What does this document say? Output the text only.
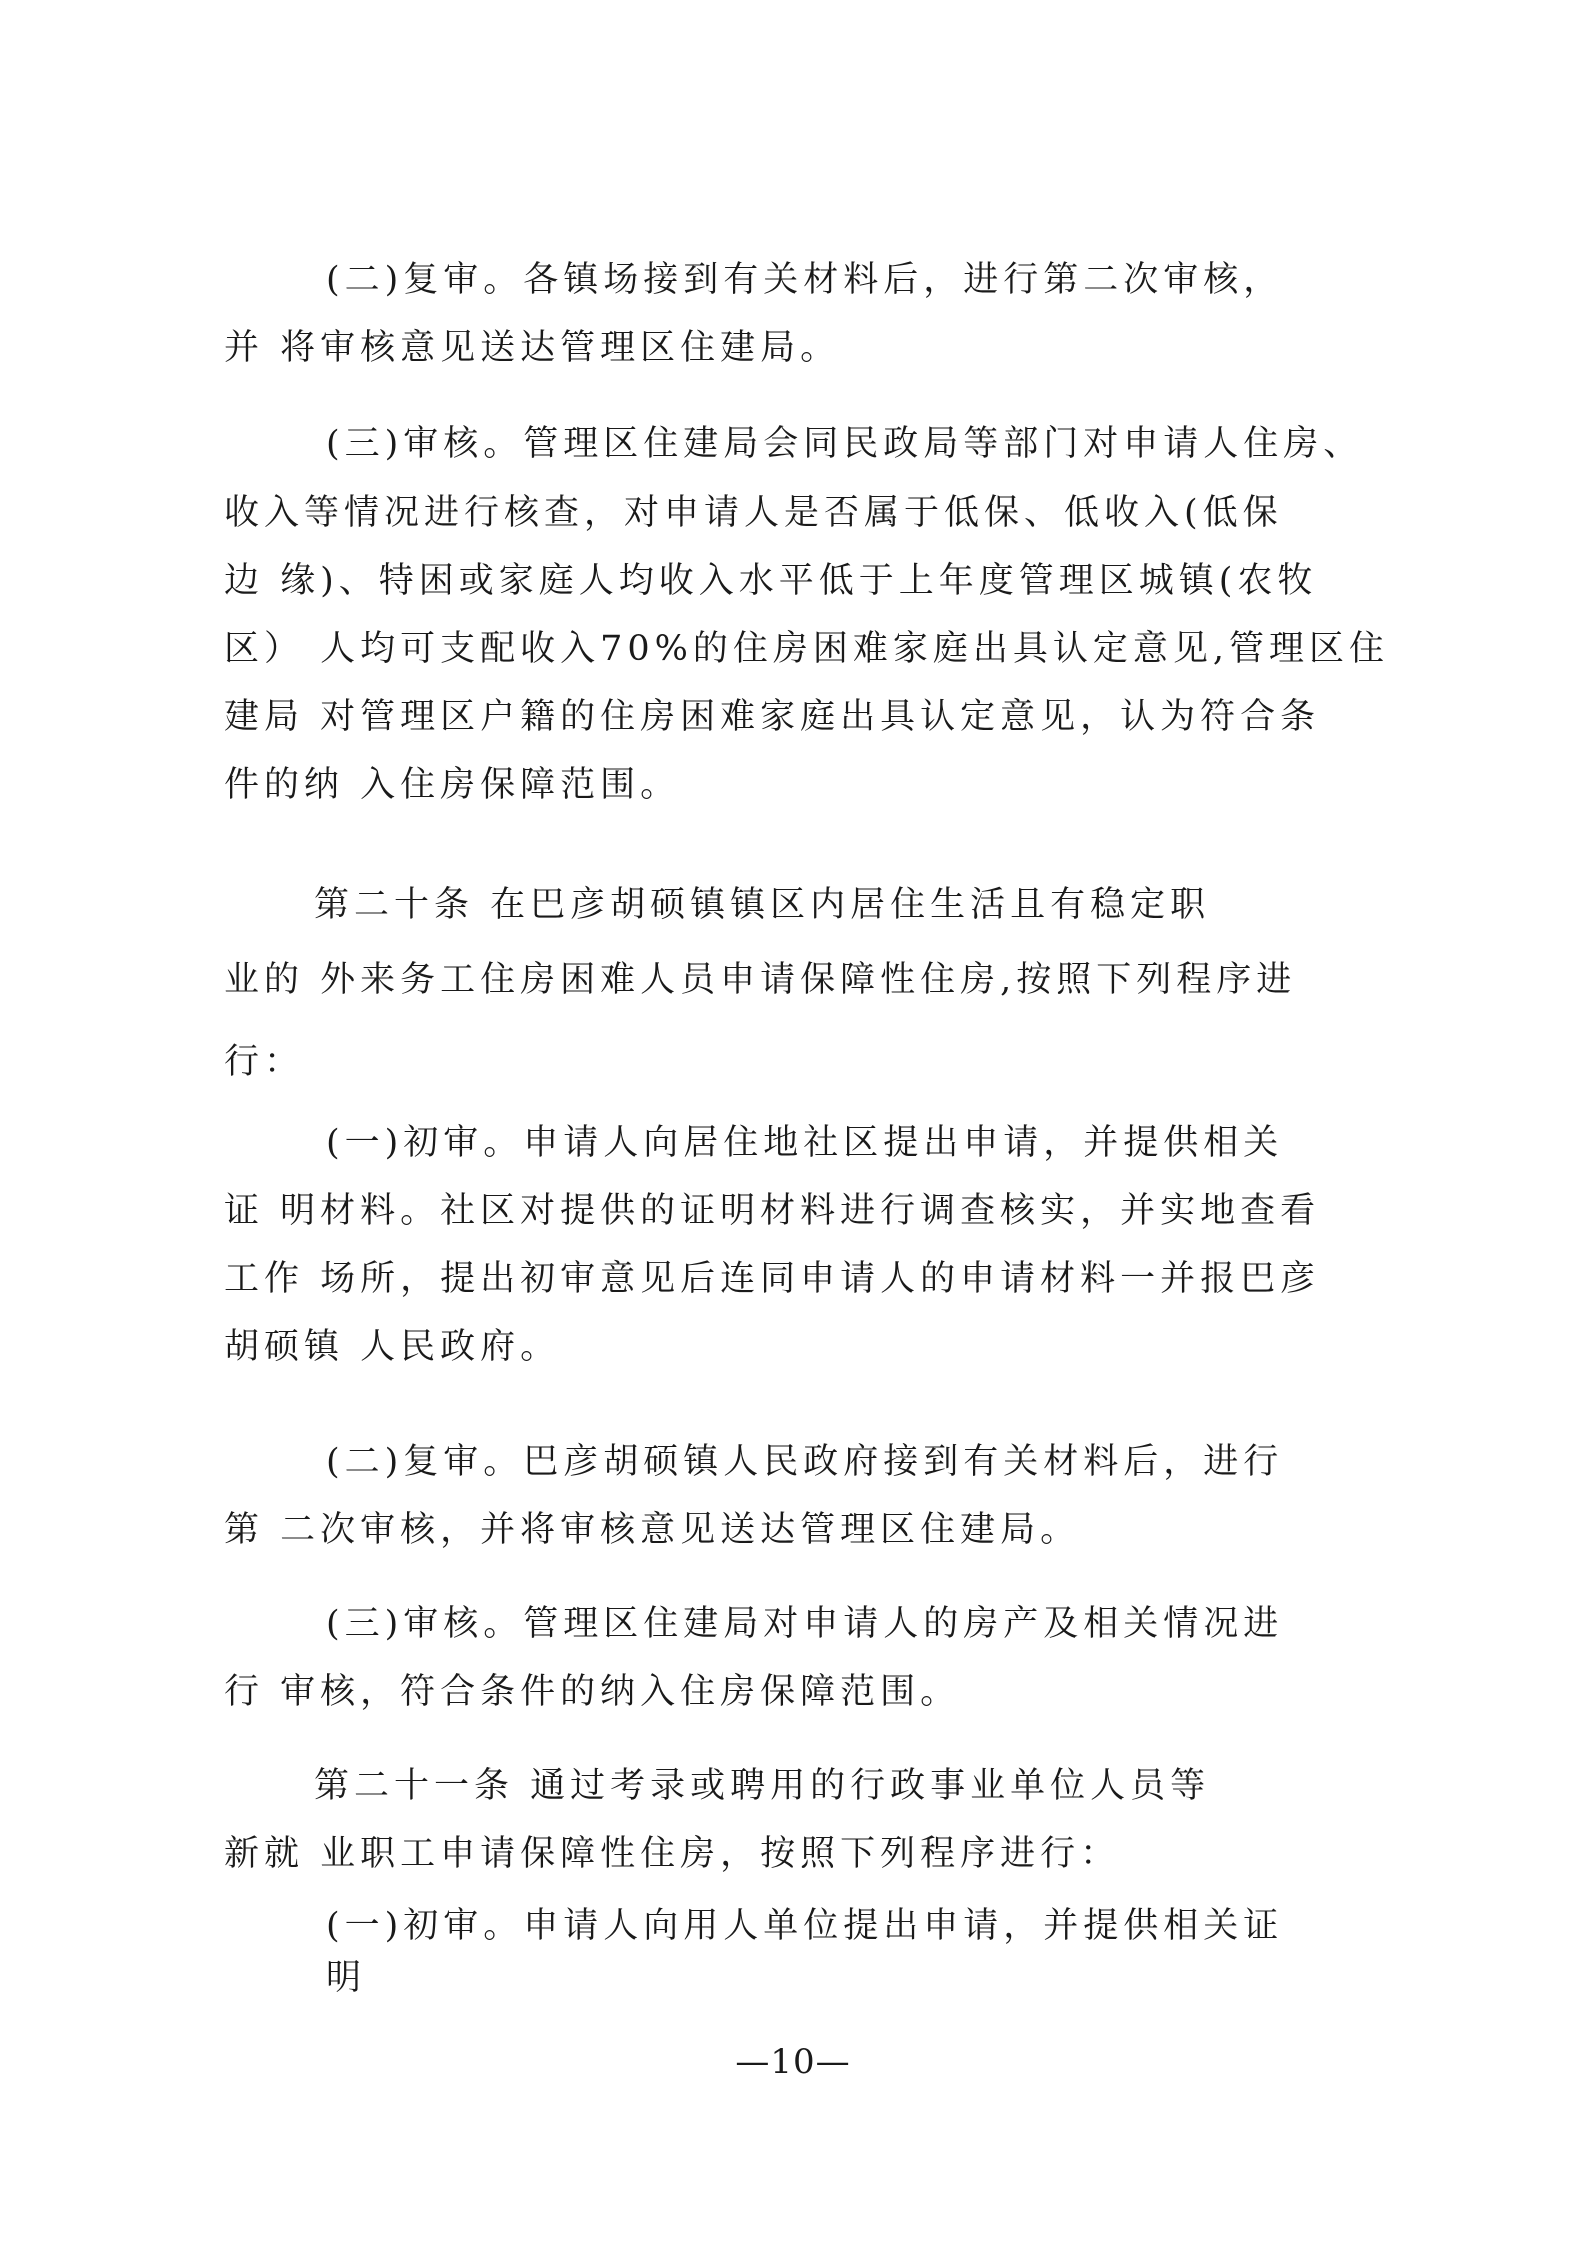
(二)复审。各镇场接到有关材料后，进行第二次审核，
并 将审核意见送达管理区住建局。
(三)审核。管理区住建局会同民政局等部门对申请人住房、
收入等情况进行核查，对申请人是否属于低保、低收入(低保
边 缘)、特困或家庭人均收入水平低于上年度管理区城镇(农牧
区） 人均可支配收入70%的住房困难家庭出具认定意见,管理区住
建局 对管理区户籍的住房困难家庭出具认定意见，认为符合条
件的纳 入住房保障范围。
第二十条 在巴彦胡硕镇镇区内居住生活且有稳定职
业的 外来务工住房困难人员申请保障性住房,按照下列程序进
行：
(一)初审。申请人向居住地社区提出申请，并提供相关
证 明材料。社区对提供的证明材料进行调查核实，并实地查看
工作 场所，提出初审意见后连同申请人的申请材料一并报巴彦
胡硕镇 人民政府。
(二)复审。巴彦胡硕镇人民政府接到有关材料后，进行
第 二次审核，并将审核意见送达管理区住建局。
(三)审核。管理区住建局对申请人的房产及相关情况进
行 审核，符合条件的纳入住房保障范围。
第二十一条 通过考录或聘用的行政事业单位人员等
新就 业职工申请保障性住房，按照下列程序进行：
(一)初审。申请人向用人单位提出申请，并提供相关证
明
—10—
